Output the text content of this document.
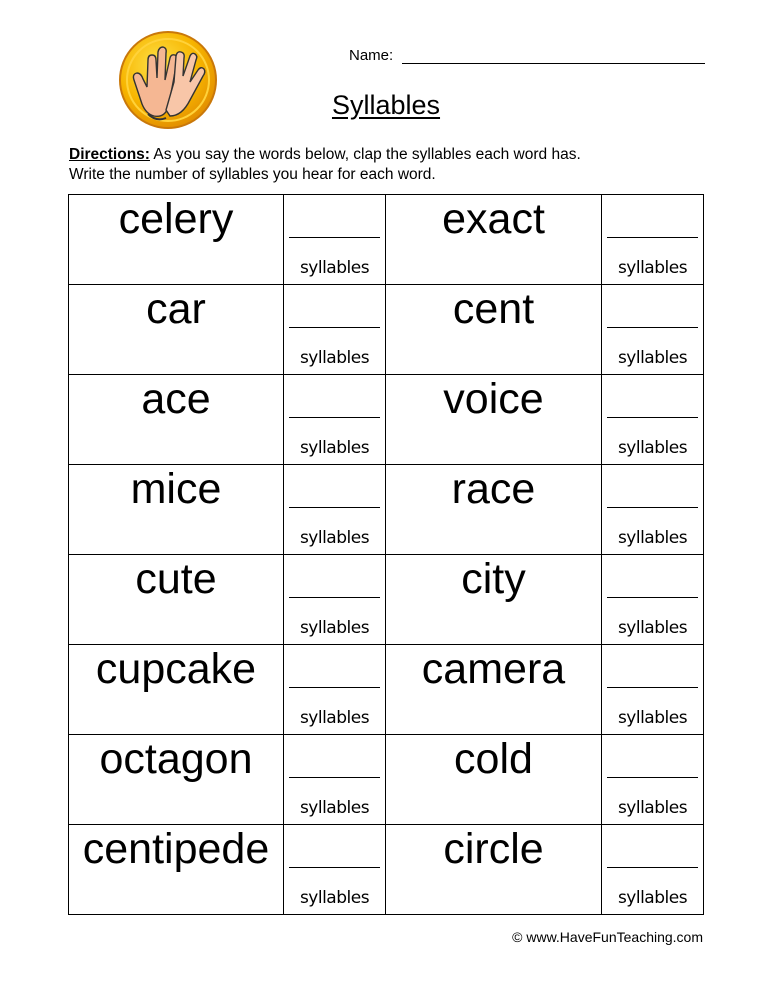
Name:
Syllables
Directions: As you say the words below, clap the syllables each word has.
Write the number of syllables you hear for each word.
celery	syllables	exact	syllables

car	syllables	cent	syllables

ace	syllables	voice	syllables

mice	syllables	race	syllables

cute	syllables	city	syllables

cupcake	syllables	camera	syllables

octagon	syllables	cold	syllables

centipede	syllables	circle	syllables
© www.HaveFunTeaching.com
